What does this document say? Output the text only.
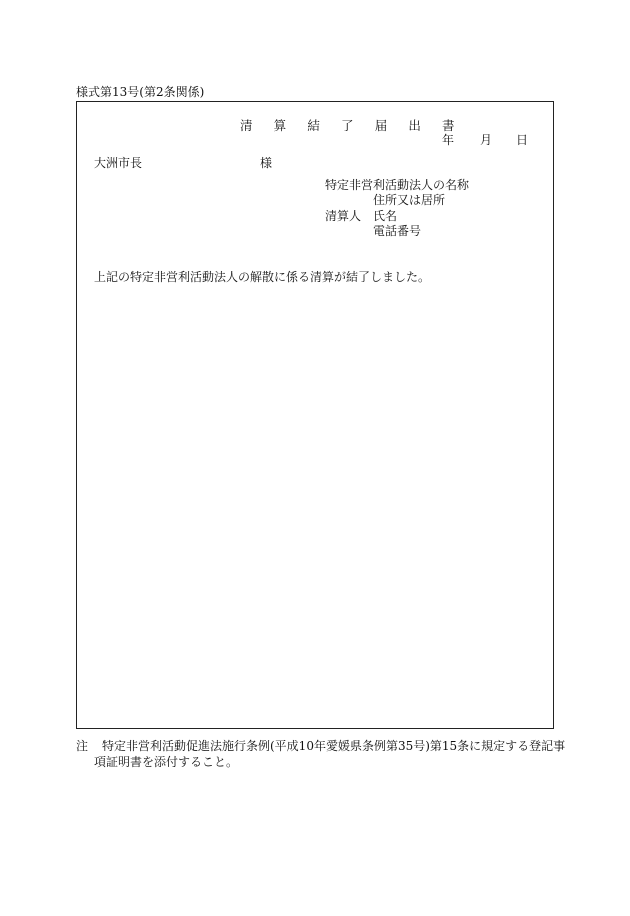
様式第13号(第2条関係)
清 算 結 了 届 出 書
年 月 日
大洲市長	様
特定非営利活動法人の名称
住所又は居所
清算人 氏名
電話番号
上記の特定非営利活動法人の解散に係る清算が結了しました。
注 特定非営利活動促進法施行条例(平成10年愛媛県条例第35号)第15条に規定する登記事
項証明書を添付すること。
